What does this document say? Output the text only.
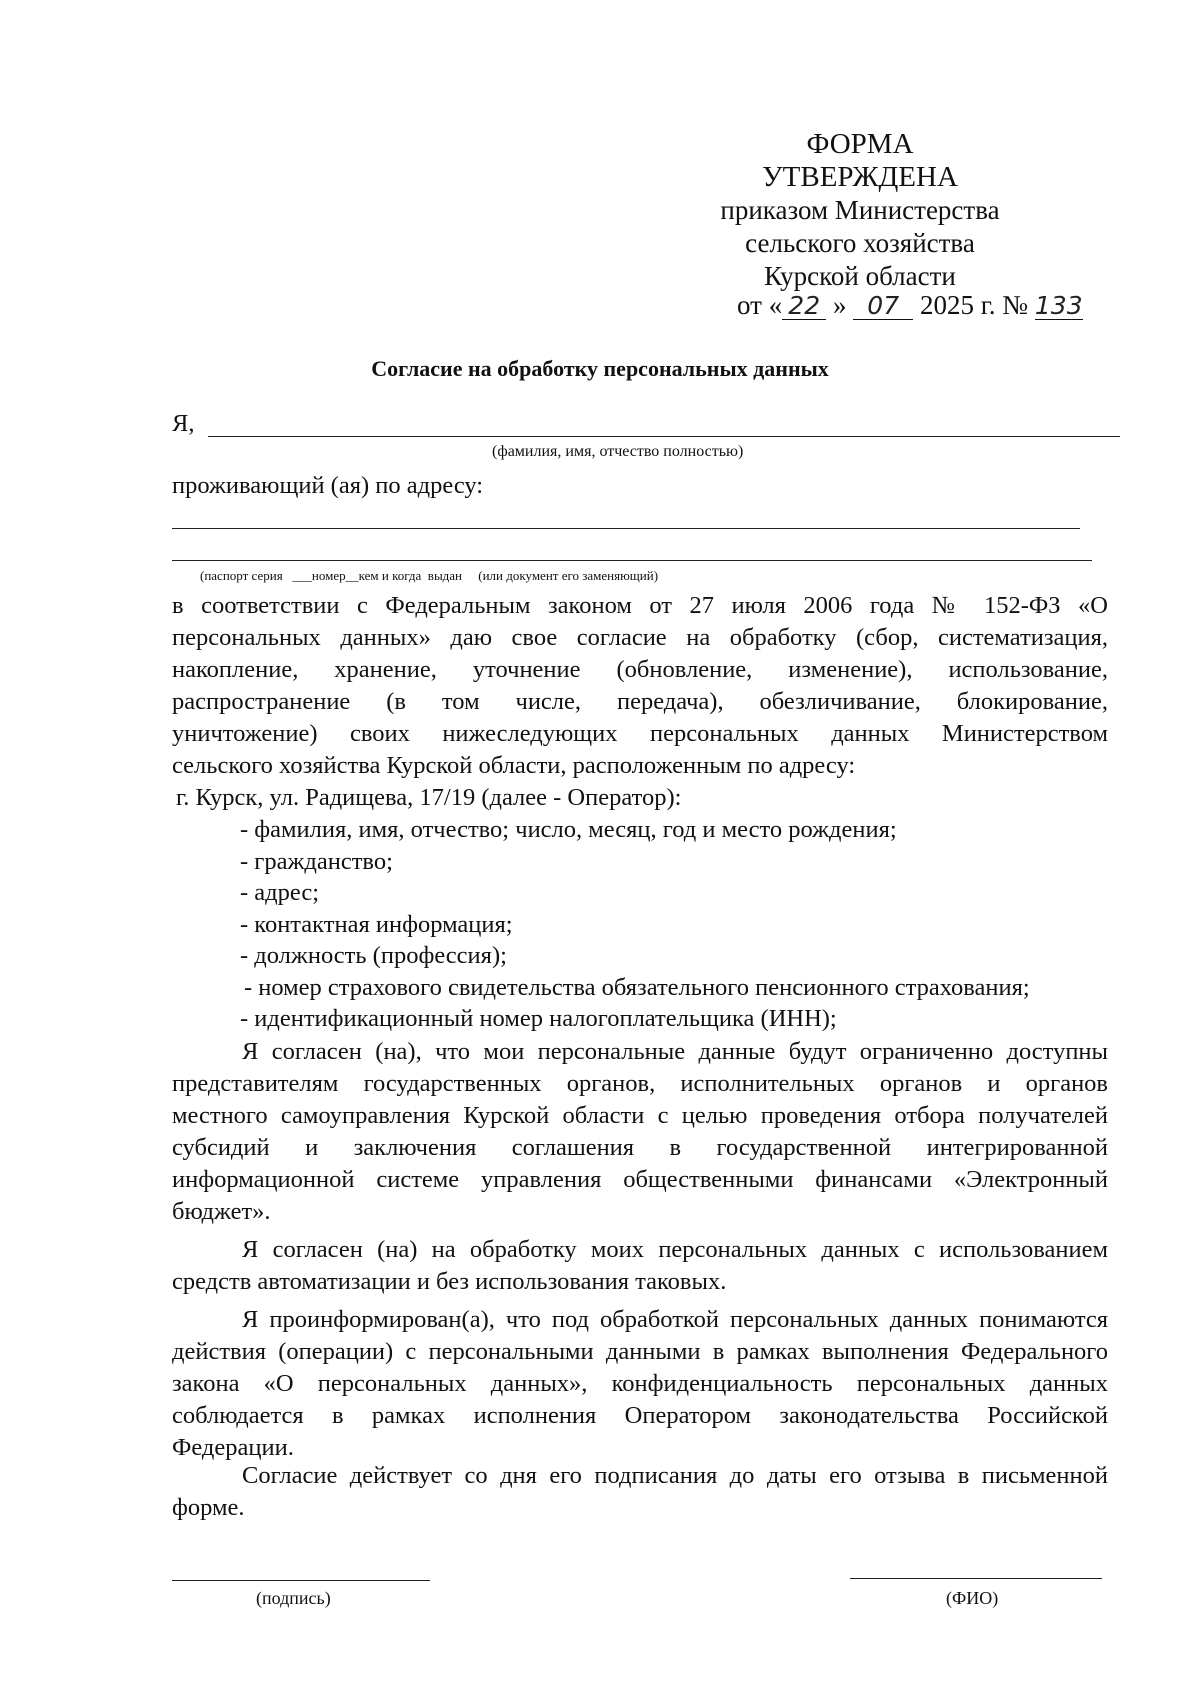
ФОРМА
УТВЕРЖДЕНА
приказом Министерства
сельского хозяйства
Курской области
от « 22 » 07 2025 г. № 133
Согласие на обработку персональных данных
Я,
(фамилия, имя, отчество полностью)
проживающий (ая) по адресу:
(паспорт серия   ___номер__кем и когда  выдан     (или документ его заменяющий)
в соответствии с Федеральным законом от 27 июля 2006 года № 152-ФЗ «О
персональных данных» даю свое согласие на обработку (сбор, систематизация,
накопление, хранение, уточнение (обновление, изменение), использование,
распространение (в том числе, передача), обезличивание, блокирование,
уничтожение) своих нижеследующих персональных данных Министерством
сельского хозяйства Курской области, расположенным по адресу:
г. Курск, ул. Радищева, 17/19 (далее - Оператор):
- фамилия, имя, отчество; число, месяц, год и место рождения;
- гражданство;
- адрес;
- контактная информация;
- должность (профессия);
- номер страхового свидетельства обязательного пенсионного страхования;
- идентификационный номер налогоплательщика (ИНН);
Я согласен (на), что мои персональные данные будут ограниченно доступны
представителям государственных органов, исполнительных органов и органов
местного самоуправления Курской области с целью проведения отбора получателей
субсидий и заключения соглашения в государственной интегрированной
информационной системе управления общественными финансами «Электронный
бюджет».
Я согласен (на) на обработку моих персональных данных с использованием
средств автоматизации и без использования таковых.
Я проинформирован(а), что под обработкой персональных данных понимаются
действия (операции) с персональными данными в рамках выполнения Федерального
закона «О персональных данных», конфиденциальность персональных данных
соблюдается в рамках исполнения Оператором законодательства Российской
Федерации.
Согласие действует со дня его подписания до даты его отзыва в письменной
форме.
(подпись)	(ФИО)
